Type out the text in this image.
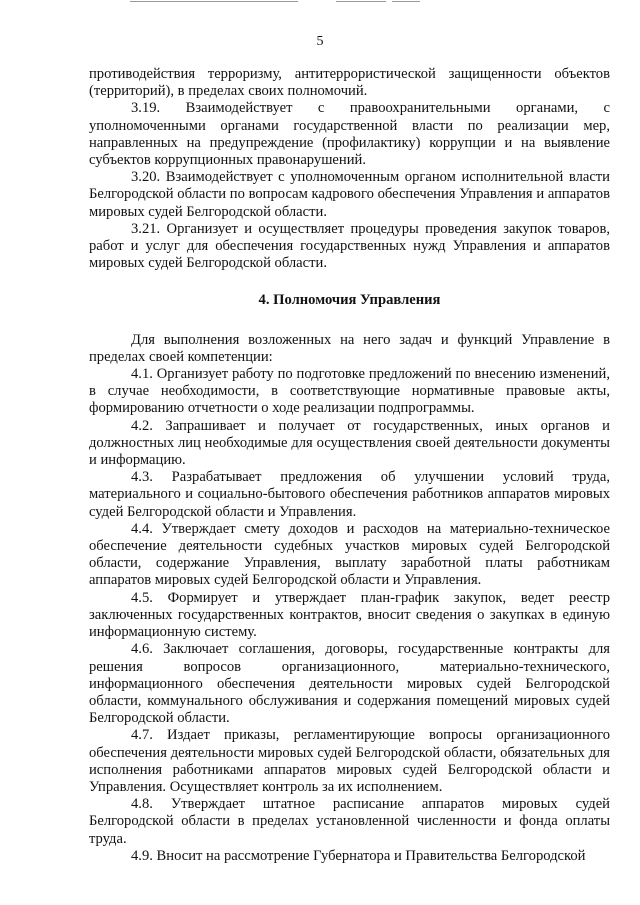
5

противодействия терроризму, антитеррористической защищенности объектов (территорий), в пределах своих полномочий.

3.19. Взаимодействует с правоохранительными органами, с уполномоченными органами государственной власти по реализации мер, направленных на предупреждение (профилактику) коррупции и на выявление субъектов коррупционных правонарушений.

3.20. Взаимодействует с уполномоченным органом исполнительной власти Белгородской области по вопросам кадрового обеспечения Управления и аппаратов мировых судей Белгородской области.

3.21. Организует и осуществляет процедуры проведения закупок товаров, работ и услуг для обеспечения государственных нужд Управления и аппаратов мировых судей Белгородской области.

4. Полномочия Управления

Для выполнения возложенных на него задач и функций Управление в пределах своей компетенции:

4.1. Организует работу по подготовке предложений по внесению изменений, в случае необходимости, в соответствующие нормативные правовые акты, формированию отчетности о ходе реализации подпрограммы.

4.2. Запрашивает и получает от государственных, иных органов и должностных лиц необходимые для осуществления своей деятельности документы и информацию.

4.3. Разрабатывает предложения об улучшении условий труда, материального и социально-бытового обеспечения работников аппаратов мировых судей Белгородской области и Управления.

4.4. Утверждает смету доходов и расходов на материально-техническое обеспечение деятельности судебных участков мировых судей Белгородской области, содержание Управления, выплату заработной платы работникам аппаратов мировых судей Белгородской области и Управления.

4.5. Формирует и утверждает план-график закупок, ведет реестр заключенных государственных контрактов, вносит сведения о закупках в единую информационную систему.

4.6. Заключает соглашения, договоры, государственные контракты для решения вопросов организационного, материально-технического, информационного обеспечения деятельности мировых судей Белгородской области, коммунального обслуживания и содержания помещений мировых судей Белгородской области.

4.7. Издает приказы, регламентирующие вопросы организационного обеспечения деятельности мировых судей Белгородской области, обязательных для исполнения работниками аппаратов мировых судей Белгородской области и Управления. Осуществляет контроль за их исполнением.

4.8. Утверждает штатное расписание аппаратов мировых судей Белгородской области в пределах установленной численности и фонда оплаты труда.

4.9. Вносит на рассмотрение Губернатора и Правительства Белгородской
